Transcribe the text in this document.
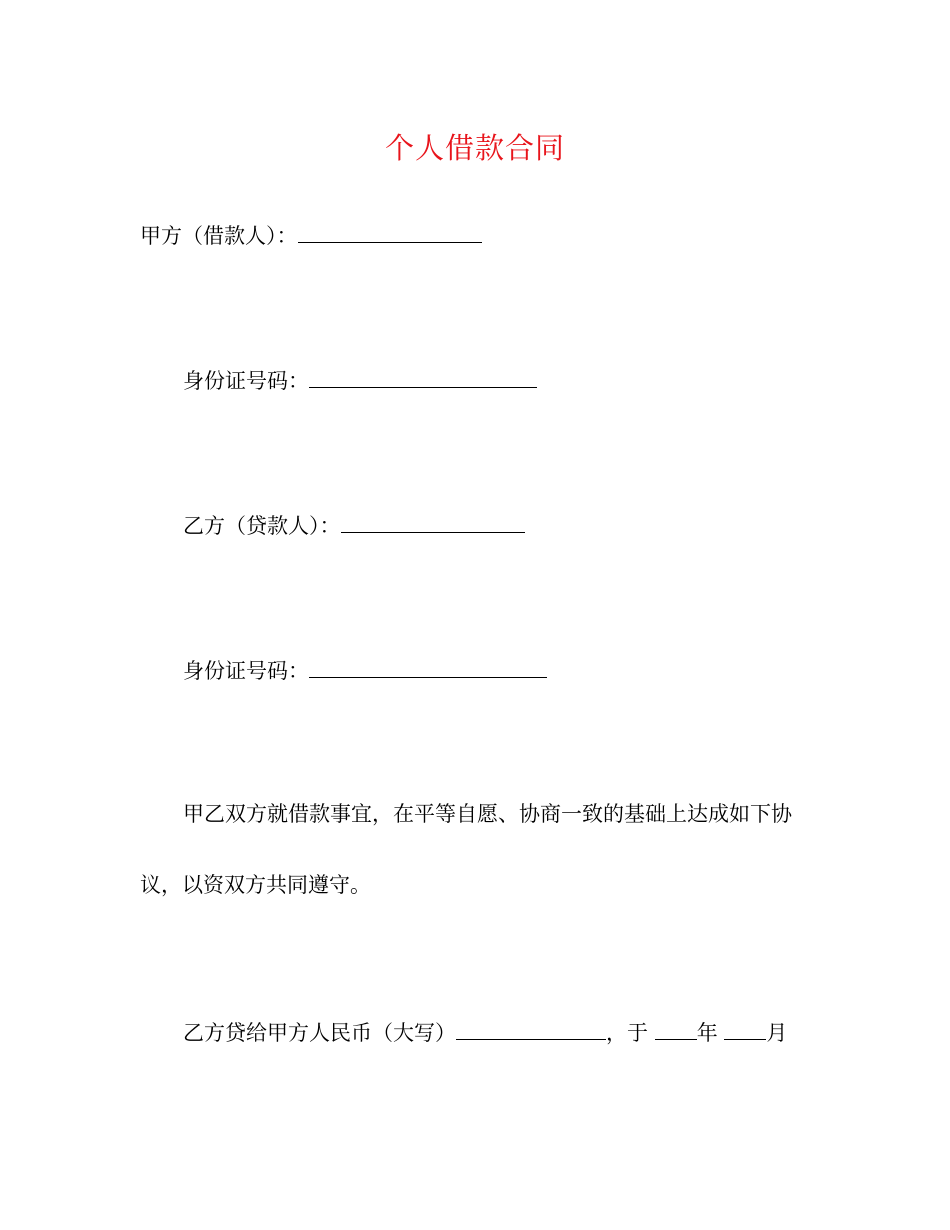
个人借款合同
甲方（借款人）：
身份证号码：
乙方（贷款人）：
身份证号码：
甲乙双方就借款事宜，在平等自愿、协商一致的基础上达成如下协议，以资双方共同遵守。
乙方贷给甲方人民币（大写）	，于 年 月
